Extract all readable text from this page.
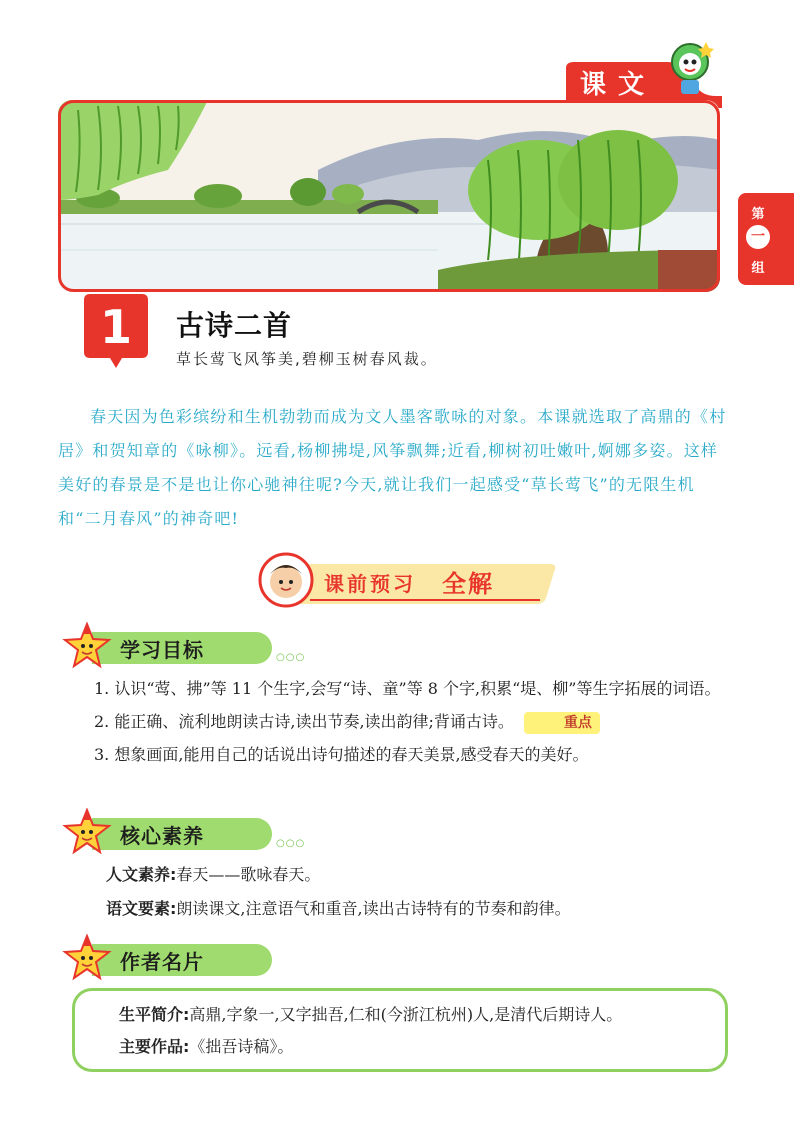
课文
第
一
组
1	古诗二首
草长莺飞风筝美,碧柳玉树春风裁。
春天因为色彩缤纷和生机勃勃而成为文人墨客歌咏的对象。本课就选取了高鼎的《村居》和贺知章的《咏柳》。远看,杨柳拂堤,风筝飘舞;近看,柳树初吐嫩叶,婀娜多姿。这样美好的春景是不是也让你心驰神往呢?今天,就让我们一起感受“草长莺飞”的无限生机和“二月春风”的神奇吧!
课前预习 全解
学习目标	○○○

1. 认识“莺、拂”等 11 个生字,会写“诗、童”等 8 个字,积累“堤、柳”等生字拓展的词语。

2. 能正确、流利地朗读古诗,读出节奏,读出韵律;背诵古诗。	重点

3. 想象画面,能用自己的话说出诗句描述的春天美景,感受春天的美好。

核心素养	○○○

人文素养:春天——歌咏春天。

语文要素:朗读课文,注意语气和重音,读出古诗特有的节奏和韵律。

作者名片

生平简介:高鼎,字象一,又字拙吾,仁和(今浙江杭州)人,是清代后期诗人。

主要作品:《拙吾诗稿》。
